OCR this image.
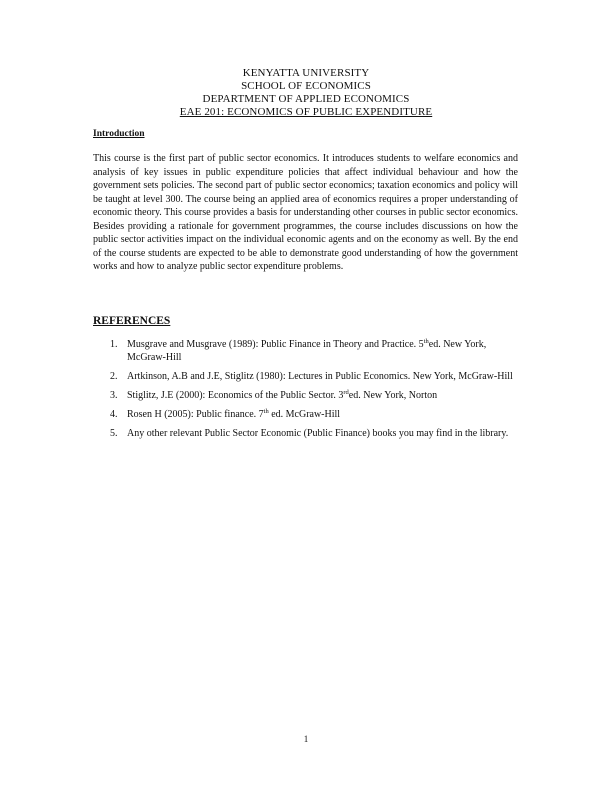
KENYATTA UNIVERSITY
SCHOOL OF ECONOMICS
DEPARTMENT OF APPLIED ECONOMICS
EAE 201: ECONOMICS OF PUBLIC EXPENDITURE
Introduction
This course is the first part of public sector economics. It introduces students to welfare economics and analysis of key issues in public expenditure policies that affect individual behaviour and how the government sets policies. The second part of public sector economics; taxation economics and policy will be taught at level 300. The course being an applied area of economics requires a proper understanding of economic theory. This course provides a basis for understanding other courses in public sector economics. Besides providing a rationale for government programmes, the course includes discussions on how the public sector activities impact on the individual economic agents and on the economy as well. By the end of the course students are expected to be able to demonstrate good understanding of how the government works and how to analyze public sector expenditure problems.
REFERENCES
1. Musgrave and Musgrave (1989): Public Finance in Theory and Practice. 5thed. New York, McGraw-Hill
2. Artkinson, A.B and J.E, Stiglitz (1980): Lectures in Public Economics. New York, McGraw-Hill
3. Stiglitz, J.E (2000): Economics of the Public Sector. 3rded. New York, Norton
4. Rosen H (2005): Public finance. 7th ed. McGraw-Hill
5. Any other relevant Public Sector Economic (Public Finance) books you may find in the library.
1
